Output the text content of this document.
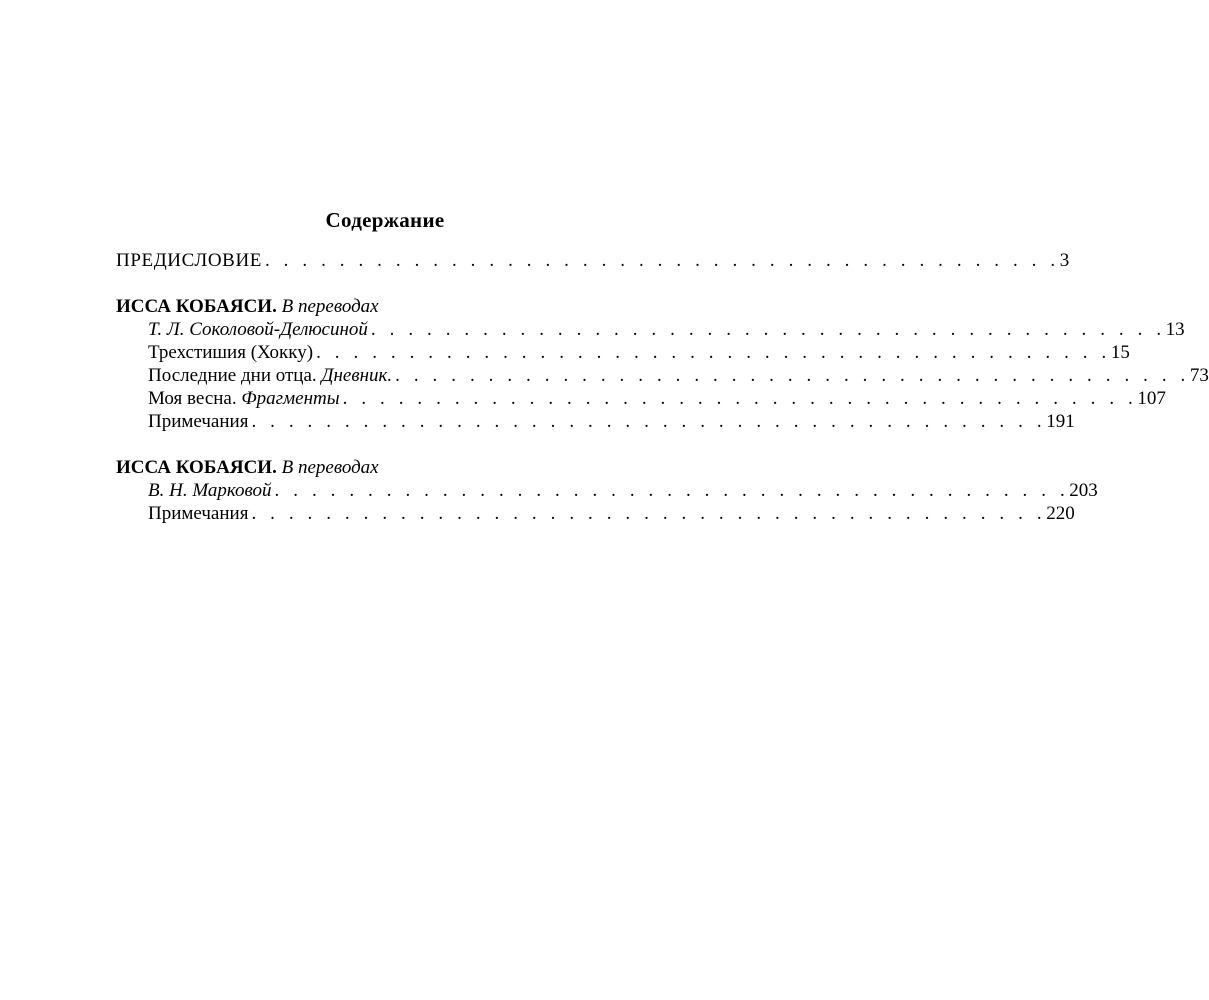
Содержание
ПРЕДИСЛОВИЕ . . . . . . . . . . . . . . . . . . . . . . . . . . . . . . . . . . . . . . . . . . . 3
ИССА КОБАЯСИ. В переводах
Т. Л. Соколовой-Делюсиной . . . . . . . . . . . . . . . . . . . . . . . . . . . . . . . . . . . . . . . . . . . 13
Трехстишия (Хокку) . . . . . . . . . . . . . . . . . . . . . . . . . . . . . . . . . . . . . . . . . . . 15
Последние дни отца. Дневник. . . . . . . . . . . . . . . . . . . . . . . . . . . . . . . . . . . . . . . . . . . . 73
Моя весна. Фрагменты . . . . . . . . . . . . . . . . . . . . . . . . . . . . . . . . . . . . . . . . . . . 107
Примечания . . . . . . . . . . . . . . . . . . . . . . . . . . . . . . . . . . . . . . . . . . . 191
ИССА КОБАЯСИ. В переводах
В. Н. Марковой . . . . . . . . . . . . . . . . . . . . . . . . . . . . . . . . . . . . . . . . . . . 203
Примечания . . . . . . . . . . . . . . . . . . . . . . . . . . . . . . . . . . . . . . . . . . . 220
